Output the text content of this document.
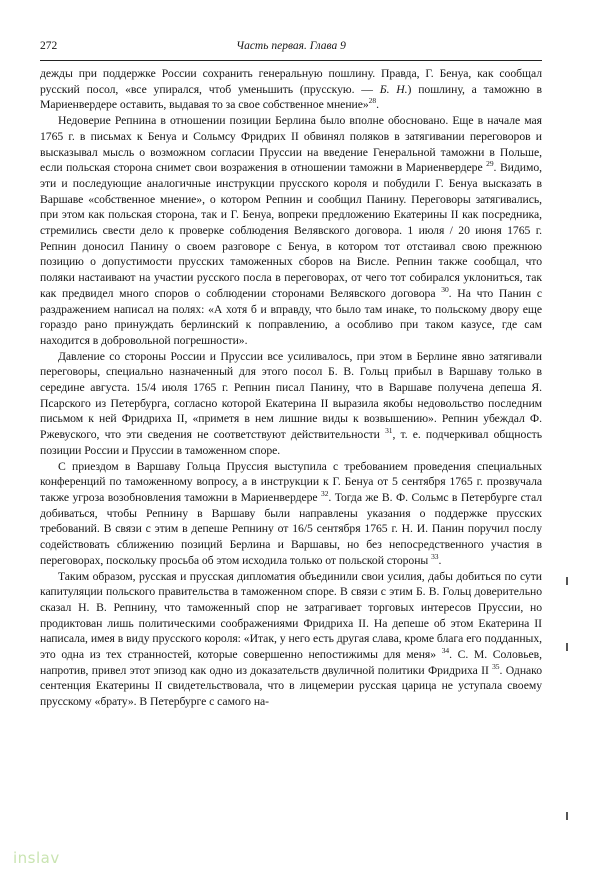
272	Часть первая. Глава 9

дежды при поддержке России сохранить генеральную пошлину. Правда, Г. Бенуа, как сообщал русский посол, «все упирался, чтоб уменьшить (прусскую. — Б. Н.) пошлину, а таможню в Мариенвердере оставить, выдавая то за свое собственное мнение»$^{28}$.

Недоверие Репнина в отношении позиции Берлина было вполне обосновано. Еще в начале мая 1765 г. в письмах к Бенуа и Сольмсу Фридрих II обвинял поляков в затягивании переговоров и высказывал мысль о возможном согласии Пруссии на введение Генеральной таможни в Польше, если польская сторона снимет свои возражения в отношении таможни в Мариенвердере $^{29}$. Видимо, эти и последующие аналогичные инструкции прусского короля и побудили Г. Бенуа высказать в Варшаве «собственное мнение», о котором Репнин и сообщил Панину. Переговоры затягивались, при этом как польская сторона, так и Г. Бенуа, вопреки предложению Екатерины II как посредника, стремились свести дело к проверке соблюдения Велявского договора. 1 июля / 20 июня 1765 г. Репнин доносил Панину о своем разговоре с Бенуа, в котором тот отстаивал свою прежнюю позицию о допустимости прусских таможенных сборов на Висле. Репнин также сообщал, что поляки настаивают на участии русского посла в переговорах, от чего тот собирался уклониться, так как предвидел много споров о соблюдении сторонами Велявского договора $^{30}$. На что Панин с раздражением написал на полях: «А хотя б и вправду, что было там инаке, то польскому двору еще гораздо рано принуждать берлинский к поправлению, а особливо при таком казусе, где сам находится в добровольной погрешности».

Давление со стороны России и Пруссии все усиливалось, при этом в Берлине явно затягивали переговоры, специально назначенный для этого посол Б. В. Гольц прибыл в Варшаву только в середине августа. 15/4 июля 1765 г. Репнин писал Панину, что в Варшаве получена депеша Я. Псарского из Петербурга, согласно которой Екатерина II выразила якобы недовольство последним письмом к ней Фридриха II, «приметя в нем лишние виды к возвышению». Репнин убеждал Ф. Ржевуского, что эти сведения не соответствуют действительности $^{31}$, т. е. подчеркивал общность позиции России и Пруссии в таможенном споре.

С приездом в Варшаву Гольца Пруссия выступила с требованием проведения специальных конференций по таможенному вопросу, а в инструкции к Г. Бенуа от 5 сентября 1765 г. прозвучала также угроза возобновления таможни в Мариенвердере $^{32}$. Тогда же В. Ф. Сольмс в Петербурге стал добиваться, чтобы Репнину в Варшаву были направлены указания о поддержке прусских требований. В связи с этим в депеше Репнину от 16/5 сентября 1765 г. Н. И. Панин поручил послу содействовать сближению позиций Берлина и Варшавы, но без непосредственного участия в переговорах, поскольку просьба об этом исходила только от польской стороны $^{33}$.

Таким образом, русская и прусская дипломатия объединили свои усилия, дабы добиться по сути капитуляции польского правительства в таможенном споре. В связи с этим Б. В. Гольц доверительно сказал Н. В. Репнину, что таможенный спор не затрагивает торговых интересов Пруссии, но продиктован лишь политическими соображениями Фридриха II. На депеше об этом Екатерина II написала, имея в виду прусского короля: «Итак, у него есть другая слава, кроме блага его подданных, это одна из тех странностей, которые совершенно непостижимы для меня» $^{34}$. С. М. Соловьев, напротив, привел этот эпизод как одно из доказательств двуличной политики Фридриха II $^{35}$. Однако сентенция Екатерины II свидетельствовала, что в лицемерии русская царица не уступала своему прусскому «брату». В Петербурге с самого на-

inslav
